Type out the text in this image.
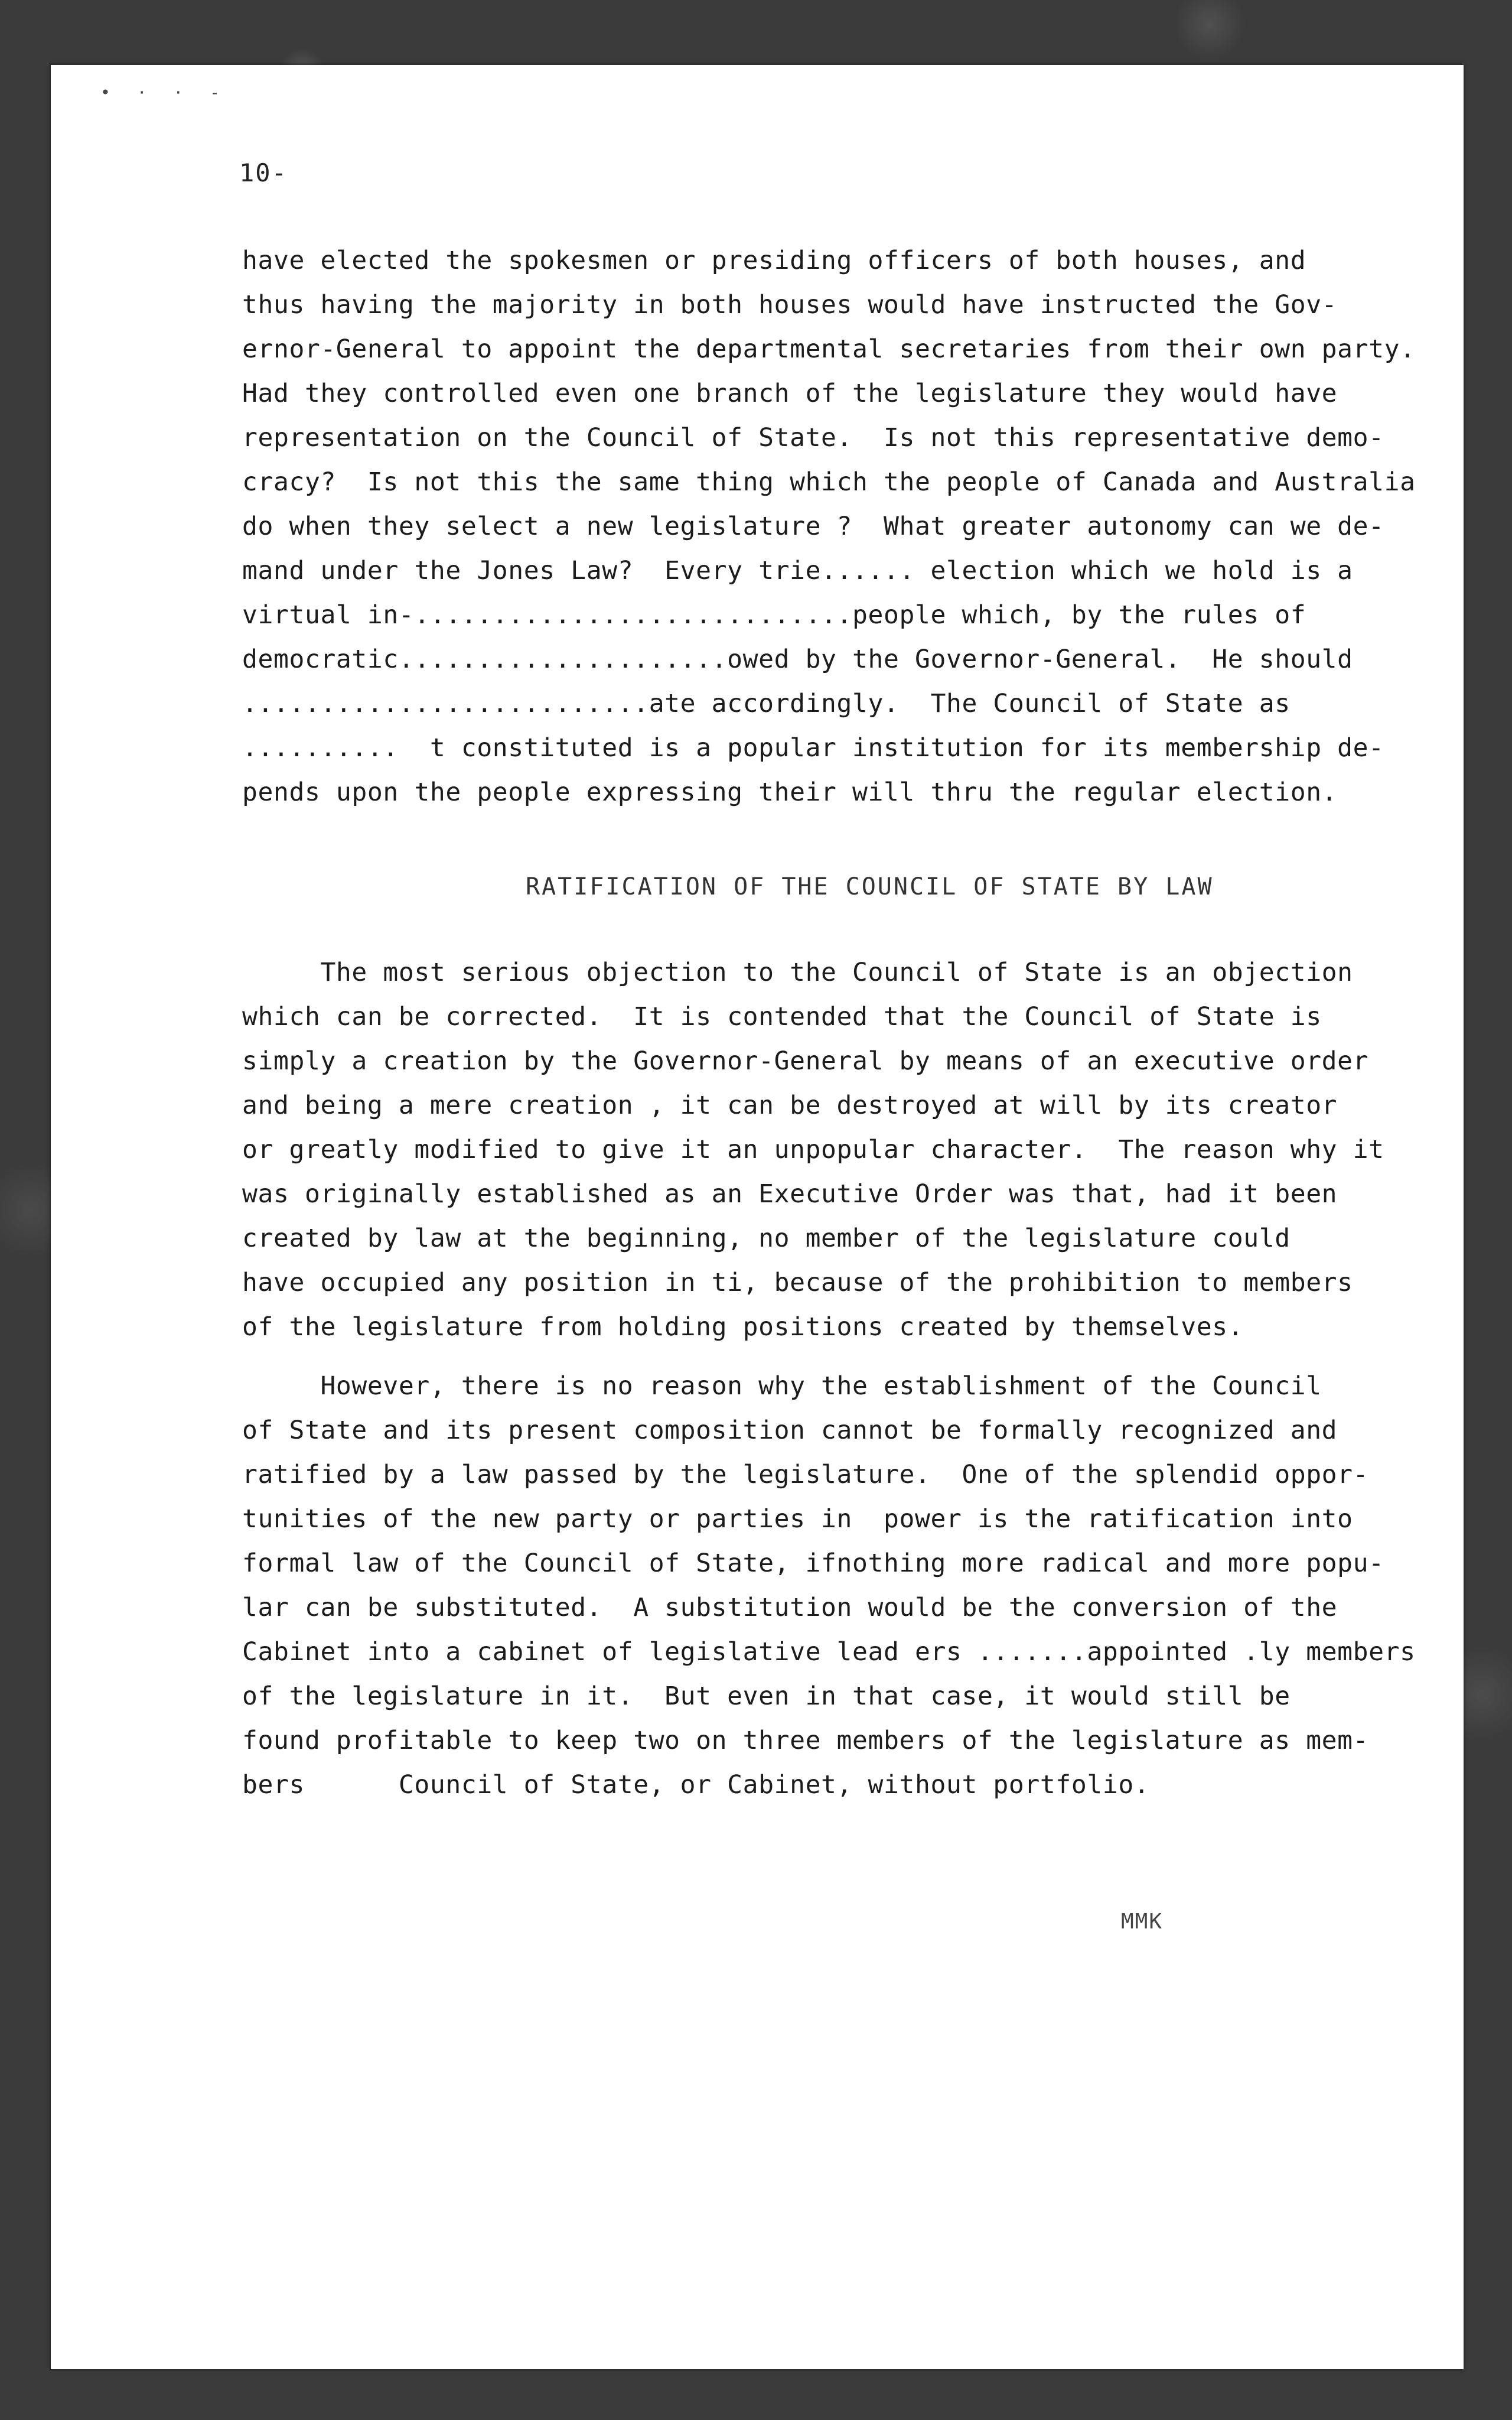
• · · -
10-
have elected the spokesmen or presiding officers of both houses, and
thus having the majority in both houses would have instructed the Gov-
ernor-General to appoint the departmental secretaries from their own party.
Had they controlled even one branch of the legislature they would have
representation on the Council of State.  Is not this representative demo-
cracy?  Is not this the same thing which the people of Canada and Australia
do when they select a new legislature ?  What greater autonomy can we de-
mand under the Jones Law?  Every trie...... election which we hold is a
virtual in-............................people which, by the rules of
democratic.....................owed by the Governor-General.  He should
..........................ate accordingly.  The Council of State as
..........  t constituted is a popular institution for its membership de-
pends upon the people expressing their will thru the regular election.
RATIFICATION OF THE COUNCIL OF STATE BY LAW
The most serious objection to the Council of State is an objection
which can be corrected.  It is contended that the Council of State is
simply a creation by the Governor-General by means of an executive order
and being a mere creation , it can be destroyed at will by its creator
or greatly modified to give it an unpopular character.  The reason why it
was originally established as an Executive Order was that, had it been
created by law at the beginning, no member of the legislature could
have occupied any position in ti, because of the prohibition to members
of the legislature from holding positions created by themselves.
However, there is no reason why the establishment of the Council
of State and its present composition cannot be formally recognized and
ratified by a law passed by the legislature.  One of the splendid oppor-
tunities of the new party or parties in  power is the ratification into
formal law of the Council of State, ifnothing more radical and more popu-
lar can be substituted.  A substitution would be the conversion of the
Cabinet into a cabinet of legislative lead ers .......appointed .ly members
of the legislature in it.  But even in that case, it would still be
found profitable to keep two on three members of the legislature as mem-
bers      Council of State, or Cabinet, without portfolio.
MMK
